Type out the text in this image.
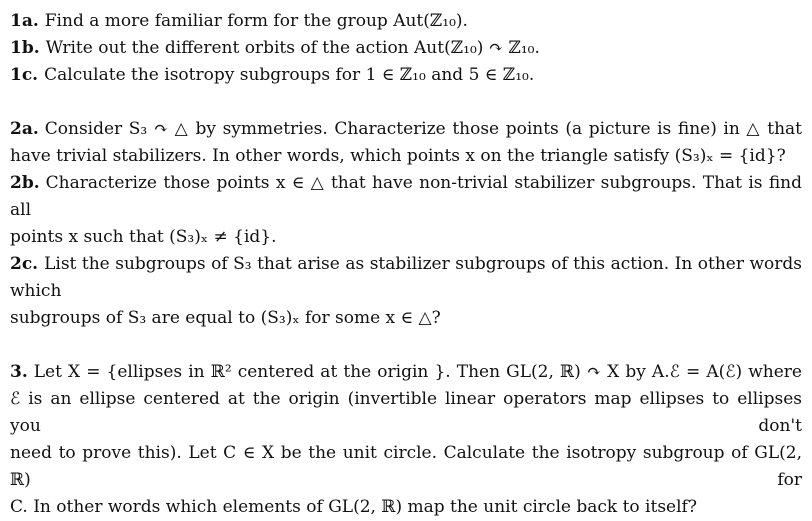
1a. Find a more familiar form for the group Aut(ℤ₁₀).
1b. Write out the different orbits of the action Aut(ℤ₁₀) ↷ ℤ₁₀.
1c. Calculate the isotropy subgroups for 1 ∈ ℤ₁₀ and 5 ∈ ℤ₁₀.
2a. Consider S₃ ↷ △ by symmetries. Characterize those points (a picture is fine) in △ that
have trivial stabilizers. In other words, which points x on the triangle satisfy (S₃)ₓ = {id}?
2b. Characterize those points x ∈ △ that have non-trivial stabilizer subgroups. That is find all
points x such that (S₃)ₓ ≠ {id}.
2c. List the subgroups of S₃ that arise as stabilizer subgroups of this action. In other words which
subgroups of S₃ are equal to (S₃)ₓ for some x ∈ △?
3. Let X = {ellipses in ℝ² centered at the origin }. Then GL(2, ℝ) ↷ X by A.ℰ = A(ℰ) where
ℰ is an ellipse centered at the origin (invertible linear operators map ellipses to ellipses you don't
need to prove this). Let C ∈ X be the unit circle. Calculate the isotropy subgroup of GL(2, ℝ) for
C. In other words which elements of GL(2, ℝ) map the unit circle back to itself?
